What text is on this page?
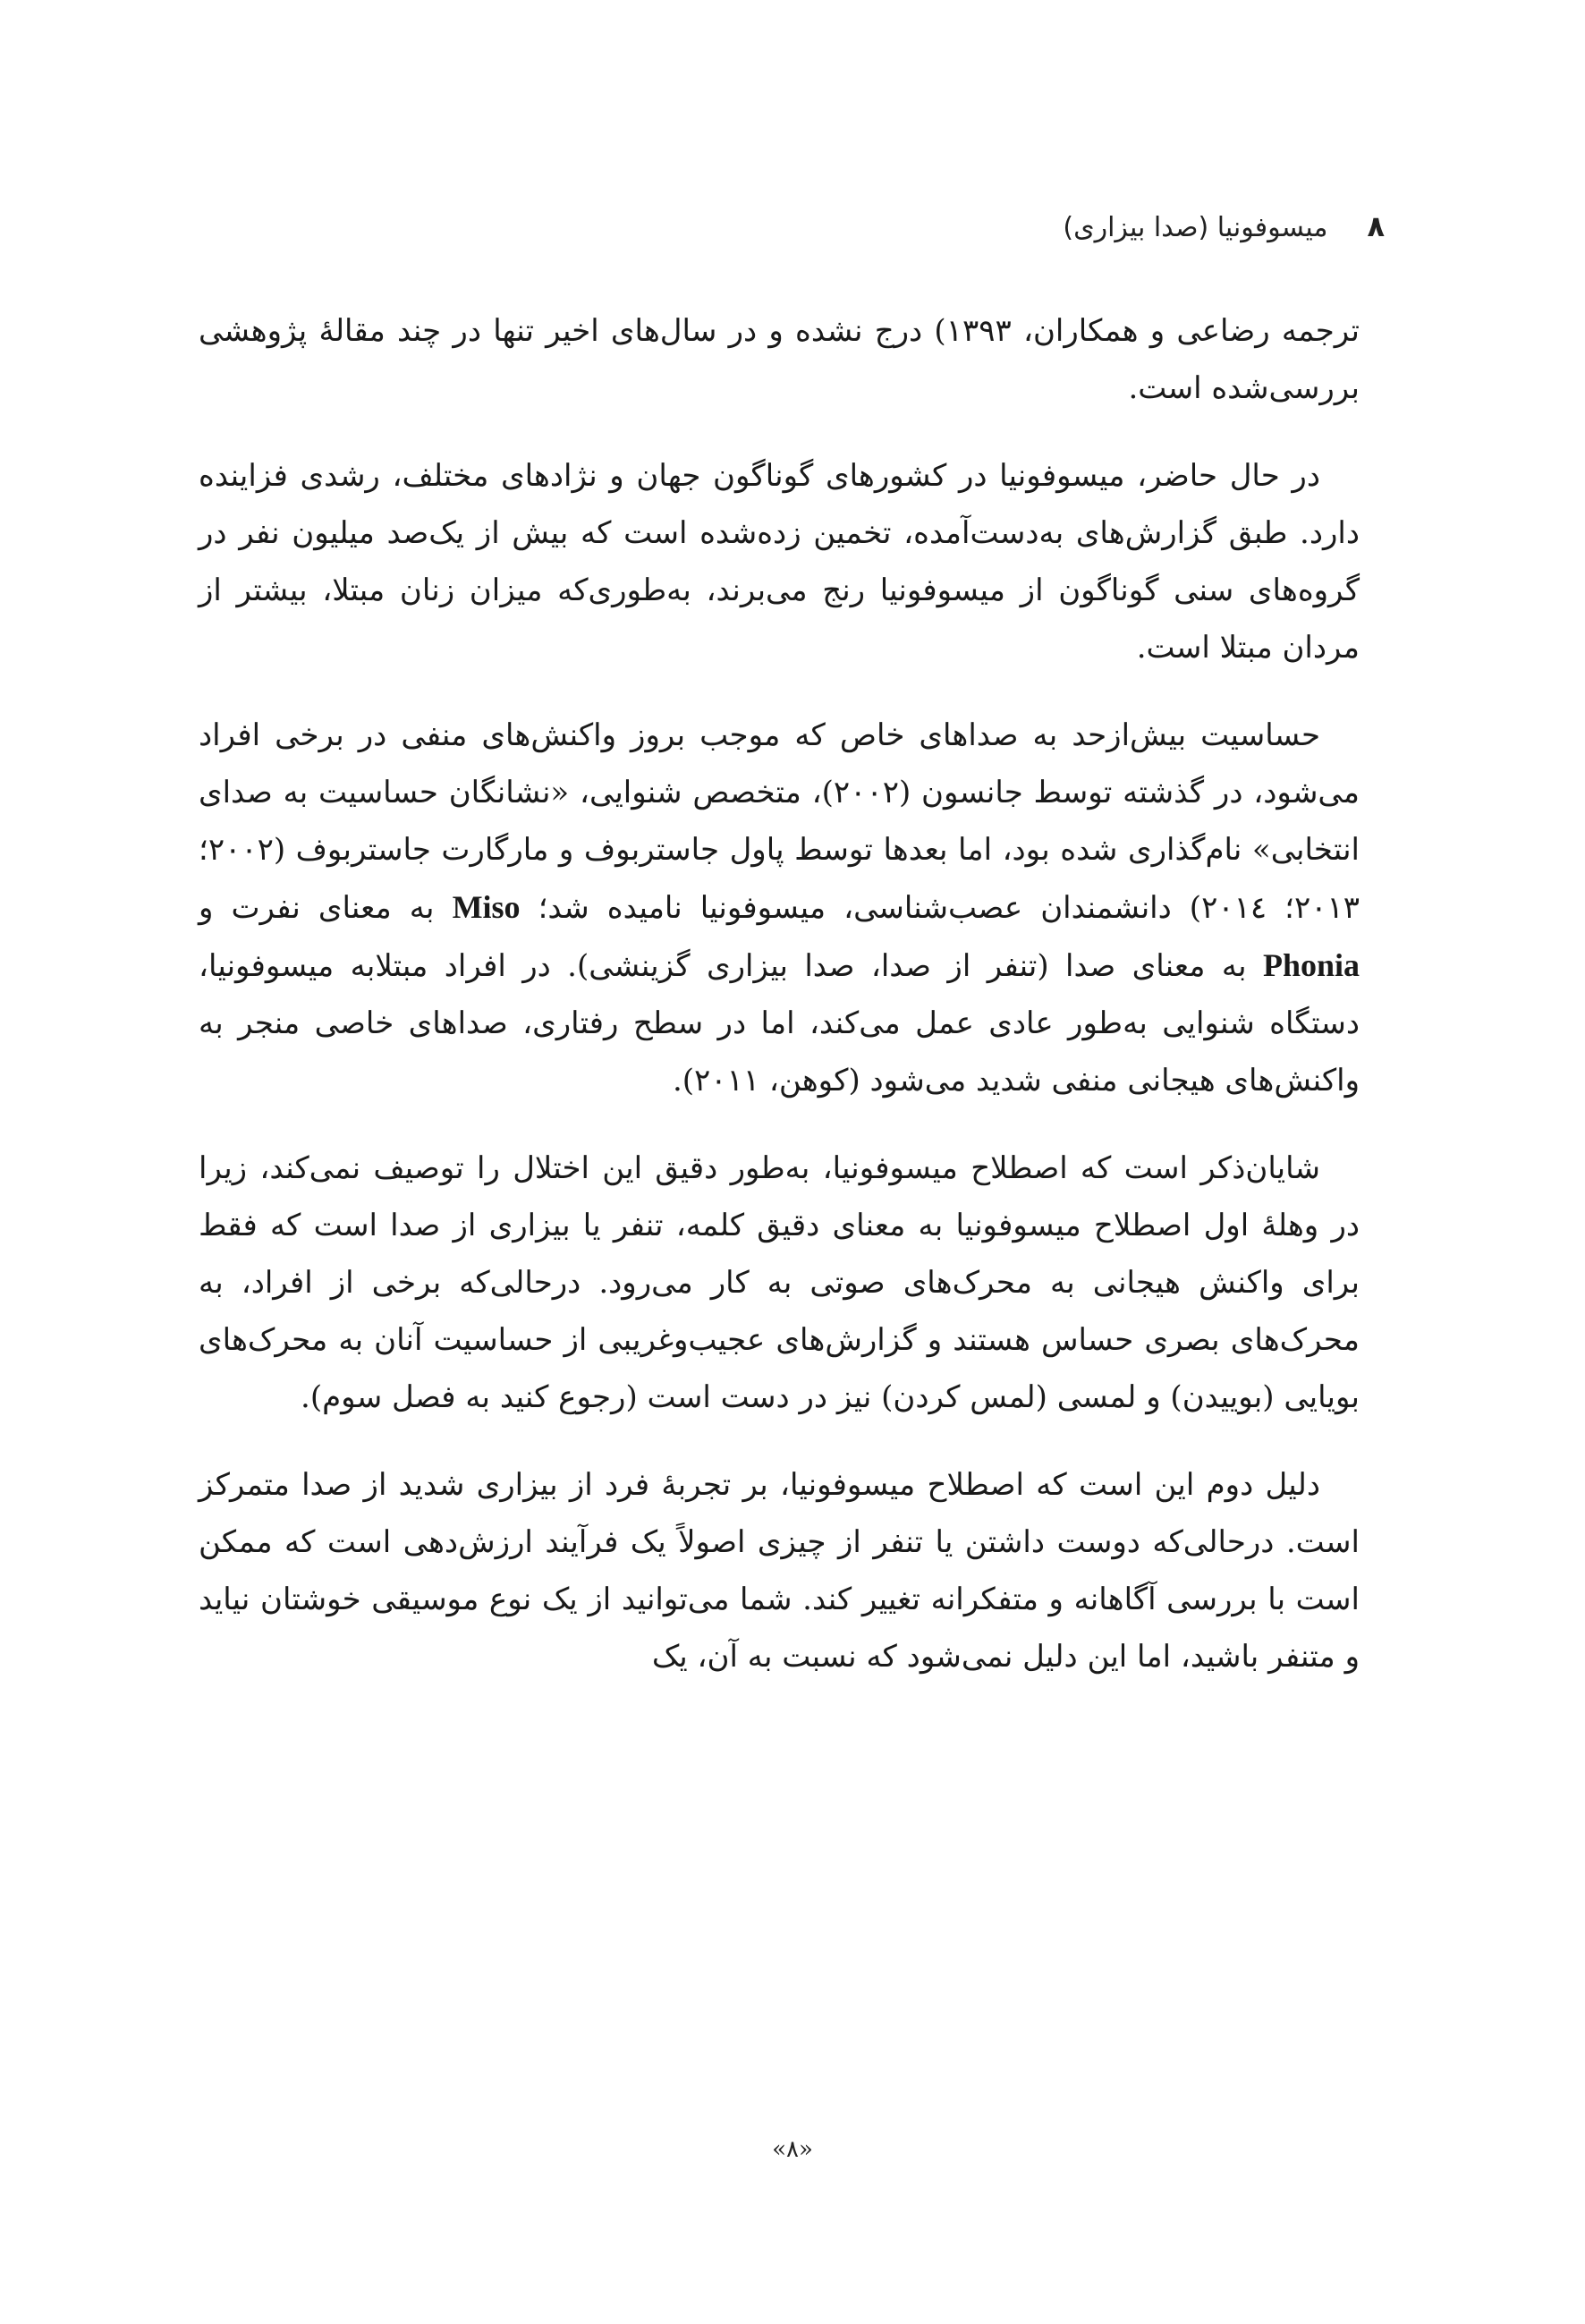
۸
میسوفونیا (صدا بیزاری)

ترجمه رضاعی و همکاران، ۱۳۹۳) درج نشده و در سال‌های اخیر تنها در چند مقالۀ پژوهشی بررسی‌شده است.

در حال حاضر، میسوفونیا در کشورهای گوناگون جهان و نژادهای مختلف، رشدی فزاینده دارد. طبق گزارش‌های به‌دست‌آمده، تخمین زده‌شده است که بیش از یک‌صد میلیون نفر در گروه‌های سنی گوناگون از میسوفونیا رنج می‌برند، به‌طوری‌که میزان زنان مبتلا، بیشتر از مردان مبتلا است.

حساسیت بیش‌ازحد به صداهای خاص که موجب بروز واکنش‌های منفی در برخی افراد می‌شود، در گذشته توسط جانسون (۲۰۰۲)، متخصص شنوایی، «نشانگان حساسیت به صدای انتخابی» نام‌گذاری شده بود، اما بعدها توسط پاول جاستربوف و مارگارت جاستربوف (۲۰۰۲؛ ۲۰۱۳؛ ۲۰۱٤) دانشمندان عصب‌شناسی، میسوفونیا نامیده شد؛ Miso به معنای نفرت و Phonia به معنای صدا (تنفر از صدا، صدا بیزاری گزینشی). در افراد مبتلابه میسوفونیا، دستگاه شنوایی به‌طور عادی عمل می‌کند، اما در سطح رفتاری، صداهای خاصی منجر به واکنش‌های هیجانی منفی شدید می‌شود (کوهن، ۲۰۱۱).

شایان‌ذکر است که اصطلاح میسوفونیا، به‌طور دقیق این اختلال را توصیف نمی‌کند، زیرا در وهلۀ اول اصطلاح میسوفونیا به معنای دقیق کلمه، تنفر یا بیزاری از صدا است که فقط برای واکنش هیجانی به محرک‌های صوتی به کار می‌رود. درحالی‌که برخی از افراد، به محرک‌های بصری حساس هستند و گزارش‌های عجیب‌وغریبی از حساسیت آنان به محرک‌های بویایی (بوییدن) و لمسی (لمس کردن) نیز در دست است (رجوع کنید به فصل سوم).

دلیل دوم این است که اصطلاح میسوفونیا، بر تجربۀ فرد از بیزاری شدید از صدا متمرکز است. درحالی‌که دوست داشتن یا تنفر از چیزی اصولاً یک فرآیند ارزش‌دهی است که ممکن است با بررسی آگاهانه و متفکرانه تغییر کند. شما می‌توانید از یک نوع موسیقی خوشتان نیاید و متنفر باشید، اما این دلیل نمی‌شود که نسبت به آن، یک

«۸»
